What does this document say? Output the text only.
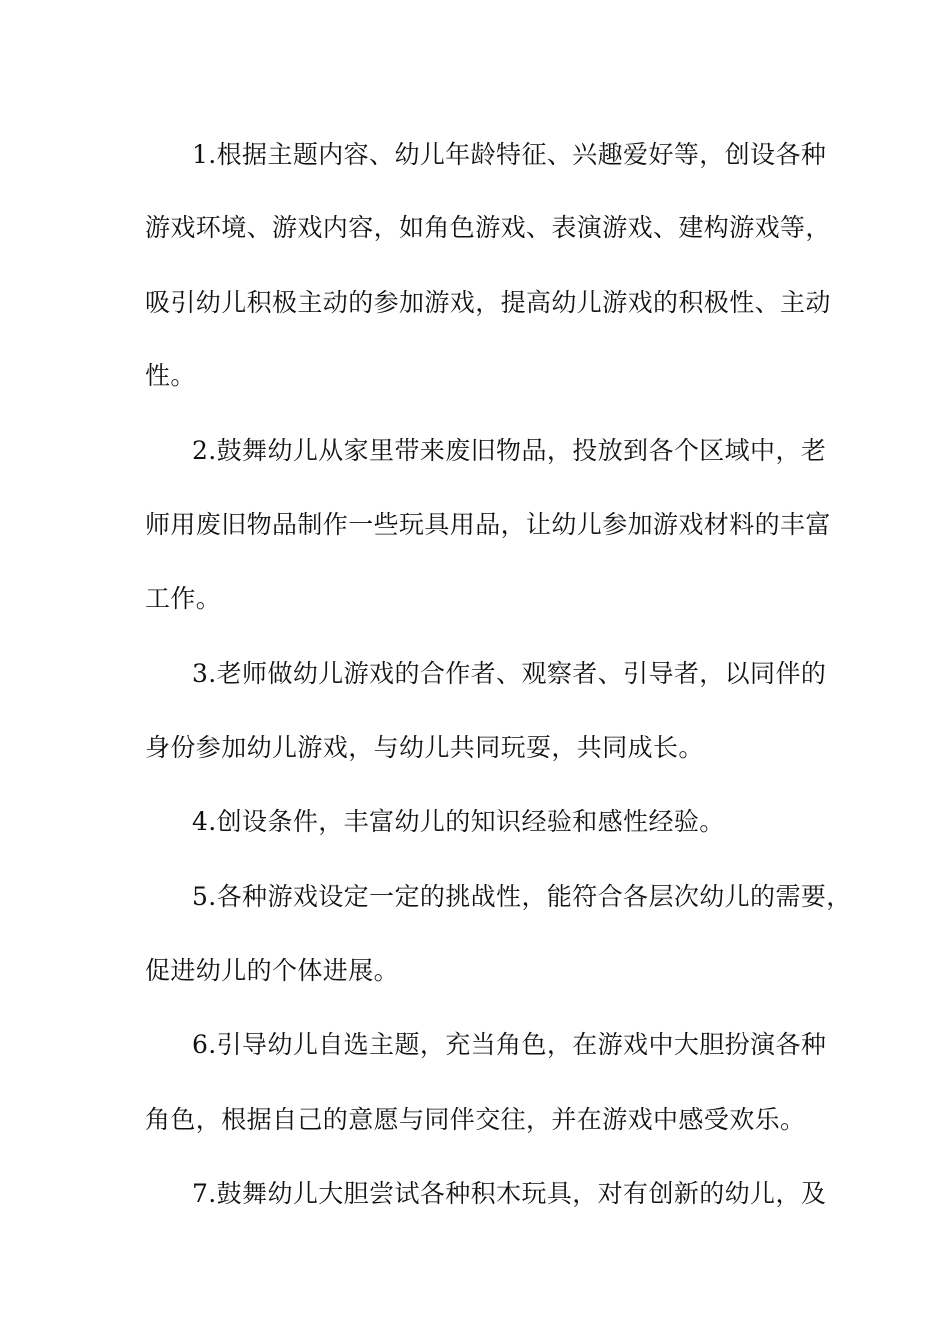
1.根据主题内容、幼儿年龄特征、兴趣爱好等，创设各种
游戏环境、游戏内容，如角色游戏、表演游戏、建构游戏等，
吸引幼儿积极主动的参加游戏，提高幼儿游戏的积极性、主动
性。
2.鼓舞幼儿从家里带来废旧物品，投放到各个区域中，老
师用废旧物品制作一些玩具用品，让幼儿参加游戏材料的丰富
工作。
3.老师做幼儿游戏的合作者、观察者、引导者，以同伴的
身份参加幼儿游戏，与幼儿共同玩耍，共同成长。
4.创设条件，丰富幼儿的知识经验和感性经验。
5.各种游戏设定一定的挑战性，能符合各层次幼儿的需要，
促进幼儿的个体进展。
6.引导幼儿自选主题，充当角色，在游戏中大胆扮演各种
角色，根据自己的意愿与同伴交往，并在游戏中感受欢乐。
7.鼓舞幼儿大胆尝试各种积木玩具，对有创新的幼儿，及
